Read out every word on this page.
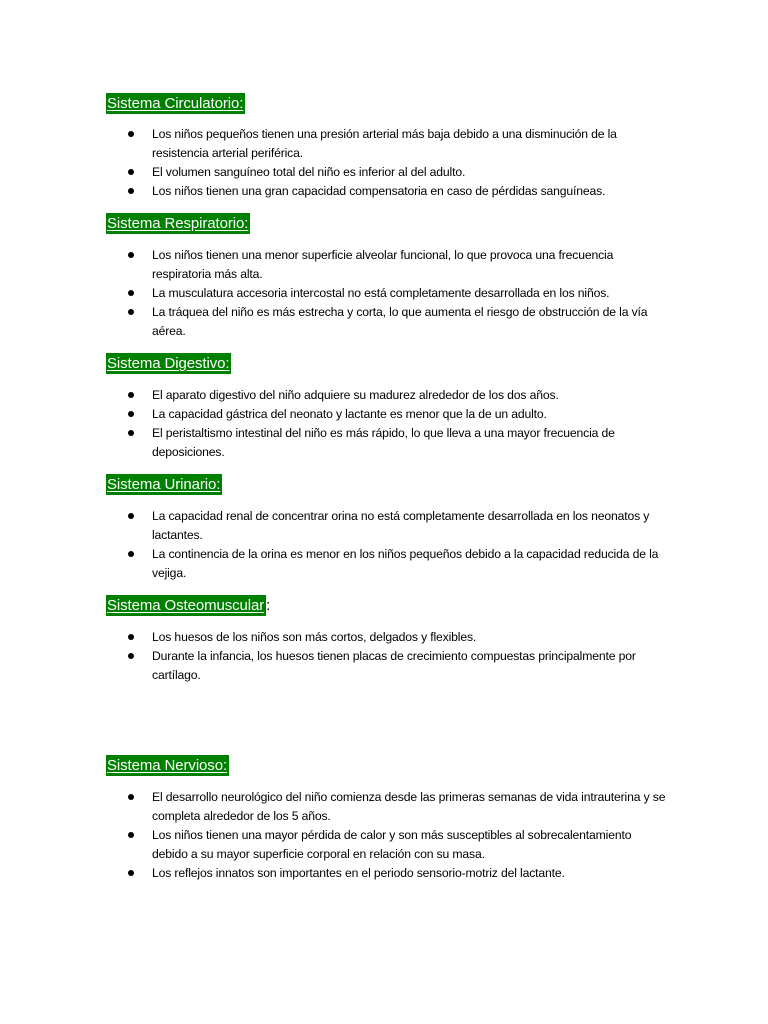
Sistema Circulatorio:
Los niños pequeños tienen una presión arterial más baja debido a una disminución de la resistencia arterial periférica.
El volumen sanguíneo total del niño es inferior al del adulto.
Los niños tienen una gran capacidad compensatoria en caso de pérdidas sanguíneas.
Sistema Respiratorio:
Los niños tienen una menor superficie alveolar funcional, lo que provoca una frecuencia respiratoria más alta.
La musculatura accesoria intercostal no está completamente desarrollada en los niños.
La tráquea del niño es más estrecha y corta, lo que aumenta el riesgo de obstrucción de la vía aérea.
Sistema Digestivo:
El aparato digestivo del niño adquiere su madurez alrededor de los dos años.
La capacidad gástrica del neonato y lactante es menor que la de un adulto.
El peristaltismo intestinal del niño es más rápido, lo que lleva a una mayor frecuencia de deposiciones.
Sistema Urinario:
La capacidad renal de concentrar orina no está completamente desarrollada en los neonatos y lactantes.
La continencia de la orina es menor en los niños pequeños debido a la capacidad reducida de la vejiga.
Sistema Osteomuscular :
Los huesos de los niños son más cortos, delgados y flexibles.
Durante la infancia, los huesos tienen placas de crecimiento compuestas principalmente por cartílago.
Sistema Nervioso:
El desarrollo neurológico del niño comienza desde las primeras semanas de vida intrauterina y se completa alrededor de los 5 años.
Los niños tienen una mayor pérdida de calor y son más susceptibles al sobrecalentamiento debido a su mayor superficie corporal en relación con su masa.
Los reflejos innatos son importantes en el periodo sensorio-motriz del lactante.
